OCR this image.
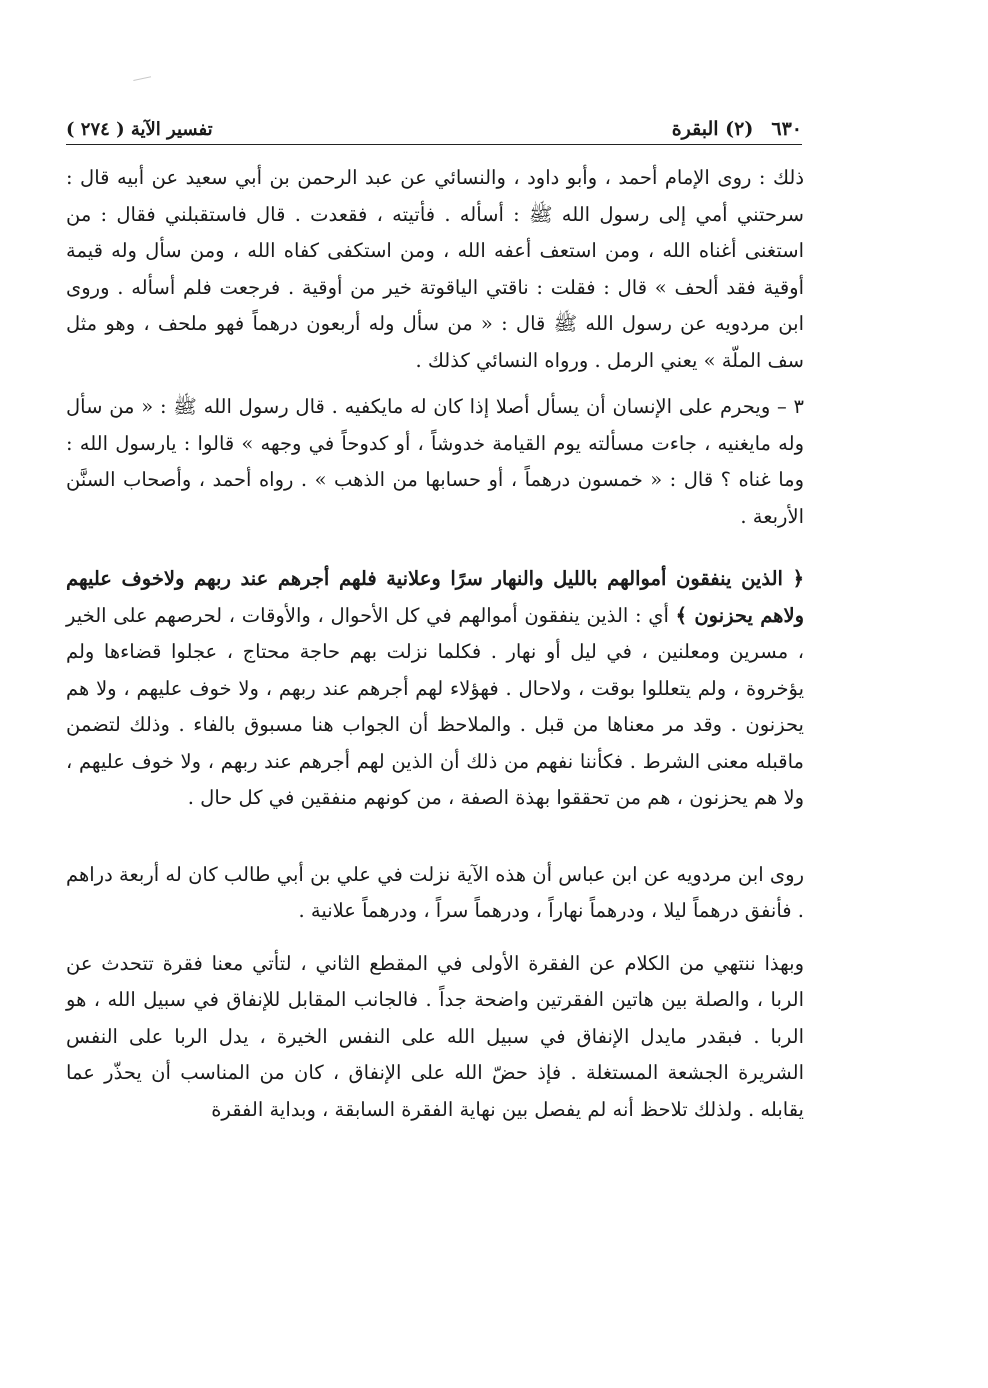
٦٣٠
(٢) البقرة
تفسير الآية ( ٢٧٤ )

ذلك : روى الإمام أحمد ، وأبو داود ، والنسائي عن عبد الرحمن بن أبي سعيد عن أبيه قال : سرحتني أمي إلى رسول الله ﷺ : أسأله . فأتيته ، فقعدت . قال فاستقبلني فقال : من استغنى أغناه الله ، ومن استعف أعفه الله ، ومن استكفى كفاه الله ، ومن سأل وله قيمة أوقية فقد ألحف » قال : فقلت : ناقتي الياقوتة خير من أوقية . فرجعت فلم أسأله . وروى ابن مردويه عن رسول الله ﷺ قال : « من سأل وله أربعون درهماً فهو ملحف ، وهو مثل سف الملّة » يعني الرمل . ورواه النسائي كذلك .

٣ – ويحرم على الإنسان أن يسأل أصلا إذا كان له مايكفيه . قال رسول الله ﷺ : « من سأل وله مايغنيه ، جاءت مسألته يوم القيامة خدوشاً ، أو كدوحاً في وجهه » قالوا : يارسول الله : وما غناه ؟ قال : « خمسون درهماً ، أو حسابها من الذهب » . رواه أحمد ، وأصحاب السنَّن الأربعة .

﴿ الذين ينفقون أموالهم بالليل والنهار سرًا وعلانية فلهم أجرهم عند ربهم ولاخوف عليهم ولاهم يحزنون ﴾ أي : الذين ينفقون أموالهم في كل الأحوال ، والأوقات ، لحرصهم على الخير ، مسرين ومعلنين ، في ليل أو نهار . فكلما نزلت بهم حاجة محتاج ، عجلوا قضاءها ولم يؤخروة ، ولم يتعللوا بوقت ، ولاحال . فهؤلاء لهم أجرهم عند ربهم ، ولا خوف عليهم ، ولا هم يحزنون . وقد مر معناها من قبل . والملاحظ أن الجواب هنا مسبوق بالفاء . وذلك لتضمن ماقبله معنى الشرط . فكأننا نفهم من ذلك أن الذين لهم أجرهم عند ربهم ، ولا خوف عليهم ، ولا هم يحزنون ، هم من تحققوا بهذة الصفة ، من كونهم منفقين في كل حال .

روى ابن مردويه عن ابن عباس أن هذه الآية نزلت في علي بن أبي طالب كان له أربعة دراهم . فأنفق درهماً ليلا ، ودرهماً نهاراً ، ودرهماً سراً ، ودرهماً علانية .

وبهذا ننتهي من الكلام عن الفقرة الأولى في المقطع الثاني ، لتأتي معنا فقرة تتحدث عن الربا ، والصلة بين هاتين الفقرتين واضحة جداً . فالجانب المقابل للإنفاق في سبيل الله ، هو الربا . فبقدر مايدل الإنفاق في سبيل الله على النفس الخيرة ، يدل الربا على النفس الشريرة الجشعة المستغلة . فإذ حضّ الله على الإنفاق ، كان من المناسب أن يحذّر عما يقابله . ولذلك تلاحظ أنه لم يفصل بين نهاية الفقرة السابقة ، وبداية الفقرة
